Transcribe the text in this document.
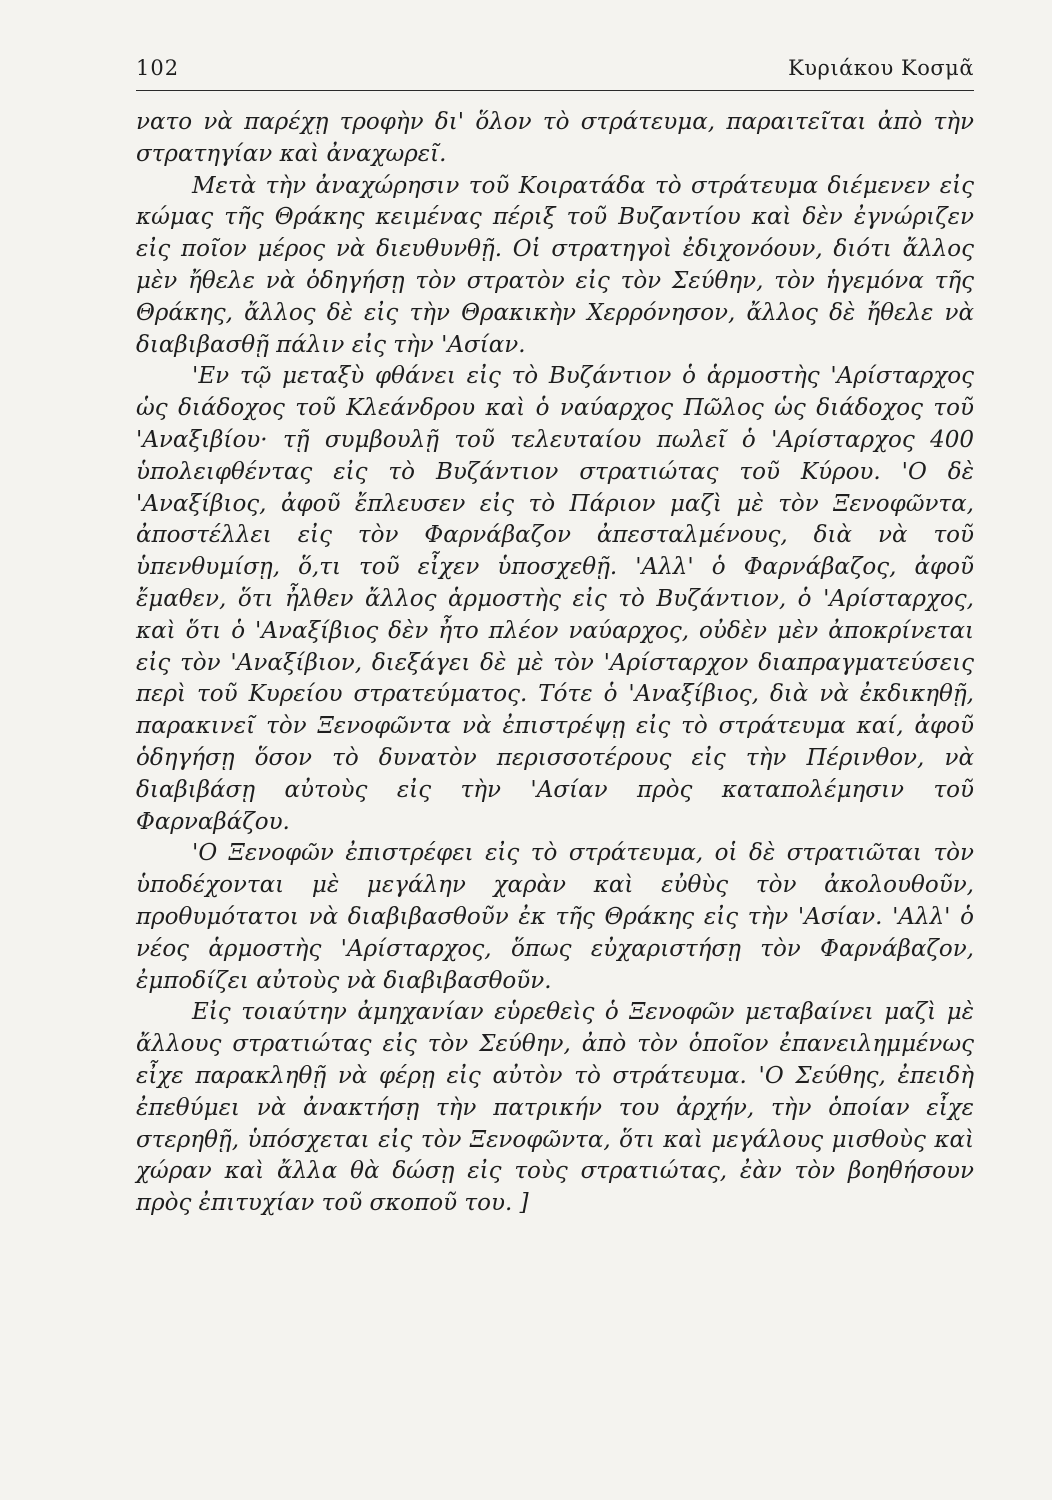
102	Κυριάκου Κοσμᾶ

νατο νὰ παρέχῃ τροφὴν δι' ὅλον τὸ στράτευμα, παραιτεῖται ἀπὸ τὴν στρατηγίαν καὶ ἀναχωρεῖ.

Μετὰ τὴν ἀναχώρησιν τοῦ Κοιρατάδα τὸ στράτευμα διέμενεν εἰς κώμας τῆς Θράκης κειμένας πέριξ τοῦ Βυζαντίου καὶ δὲν ἐγνώριζεν εἰς ποῖον μέρος νὰ διευθυνθῇ. Οἱ στρατηγοὶ ἐδιχονόουν, διότι ἄλλος μὲν ἤθελε νὰ ὁδηγήσῃ τὸν στρατὸν εἰς τὸν Σεύθην, τὸν ἡγεμόνα τῆς Θράκης, ἄλλος δὲ εἰς τὴν Θρακικὴν Χερρόνησον, ἄλλος δὲ ἤθελε νὰ διαβιβασθῇ πάλιν εἰς τὴν 'Ασίαν.

'Εν τῷ μεταξὺ φθάνει εἰς τὸ Βυζάντιον ὁ ἁρμοστὴς 'Αρίσταρχος ὡς διάδοχος τοῦ Κλεάνδρου καὶ ὁ ναύαρχος Πῶλος ὡς διάδοχος τοῦ 'Αναξιβίου· τῇ συμβουλῇ τοῦ τελευταίου πωλεῖ ὁ 'Αρίσταρχος 400 ὑπολειφθέντας εἰς τὸ Βυζάντιον στρατιώτας τοῦ Κύρου. 'Ο δὲ 'Αναξίβιος, ἀφοῦ ἔπλευσεν εἰς τὸ Πάριον μαζὶ μὲ τὸν Ξενοφῶντα, ἀποστέλλει εἰς τὸν Φαρνάβαζον ἀπεσταλμένους, διὰ νὰ τοῦ ὑπενθυμίσῃ, ὅ,τι τοῦ εἶχεν ὑποσχεθῇ. 'Αλλ' ὁ Φαρνάβαζος, ἀφοῦ ἔμαθεν, ὅτι ἦλθεν ἄλλος ἁρμοστὴς εἰς τὸ Βυζάντιον, ὁ 'Αρίσταρχος, καὶ ὅτι ὁ 'Αναξίβιος δὲν ἦτο πλέον ναύαρχος, οὐδὲν μὲν ἀποκρίνεται εἰς τὸν 'Αναξίβιον, διεξάγει δὲ μὲ τὸν 'Αρίσταρχον διαπραγματεύσεις περὶ τοῦ Κυρείου στρατεύματος. Τότε ὁ 'Αναξίβιος, διὰ νὰ ἐκδικηθῇ, παρακινεῖ τὸν Ξενοφῶντα νὰ ἐπιστρέψῃ εἰς τὸ στράτευμα καί, ἀφοῦ ὁδηγήσῃ ὅσον τὸ δυνατὸν περισσοτέρους εἰς τὴν Πέρινθον, νὰ διαβιβάσῃ αὐτοὺς εἰς τὴν 'Ασίαν πρὸς καταπολέμησιν τοῦ Φαρναβάζου.

'Ο Ξενοφῶν ἐπιστρέφει εἰς τὸ στράτευμα, οἱ δὲ στρατιῶται τὸν ὑποδέχονται μὲ μεγάλην χαρὰν καὶ εὐθὺς τὸν ἀκολουθοῦν, προθυμότατοι νὰ διαβιβασθοῦν ἐκ τῆς Θράκης εἰς τὴν 'Ασίαν. 'Αλλ' ὁ νέος ἁρμοστὴς 'Αρίσταρχος, ὅπως εὐχαριστήσῃ τὸν Φαρνάβαζον, ἐμποδίζει αὐτοὺς νὰ διαβιβασθοῦν.

Εἰς τοιαύτην ἀμηχανίαν εὑρεθεὶς ὁ Ξενοφῶν μεταβαίνει μαζὶ μὲ ἄλλους στρατιώτας εἰς τὸν Σεύθην, ἀπὸ τὸν ὁποῖον ἐπανειλημμένως εἶχε παρακληθῇ νὰ φέρῃ εἰς αὐτὸν τὸ στράτευμα. 'Ο Σεύθης, ἐπειδὴ ἐπεθύμει νὰ ἀνακτήσῃ τὴν πατρικήν του ἀρχήν, τὴν ὁποίαν εἶχε στερηθῇ, ὑπόσχεται εἰς τὸν Ξενοφῶντα, ὅτι καὶ μεγάλους μισθοὺς καὶ χώραν καὶ ἄλλα θὰ δώσῃ εἰς τοὺς στρατιώτας, ἐὰν τὸν βοηθήσουν πρὸς ἐπιτυχίαν τοῦ σκοποῦ του. ]
